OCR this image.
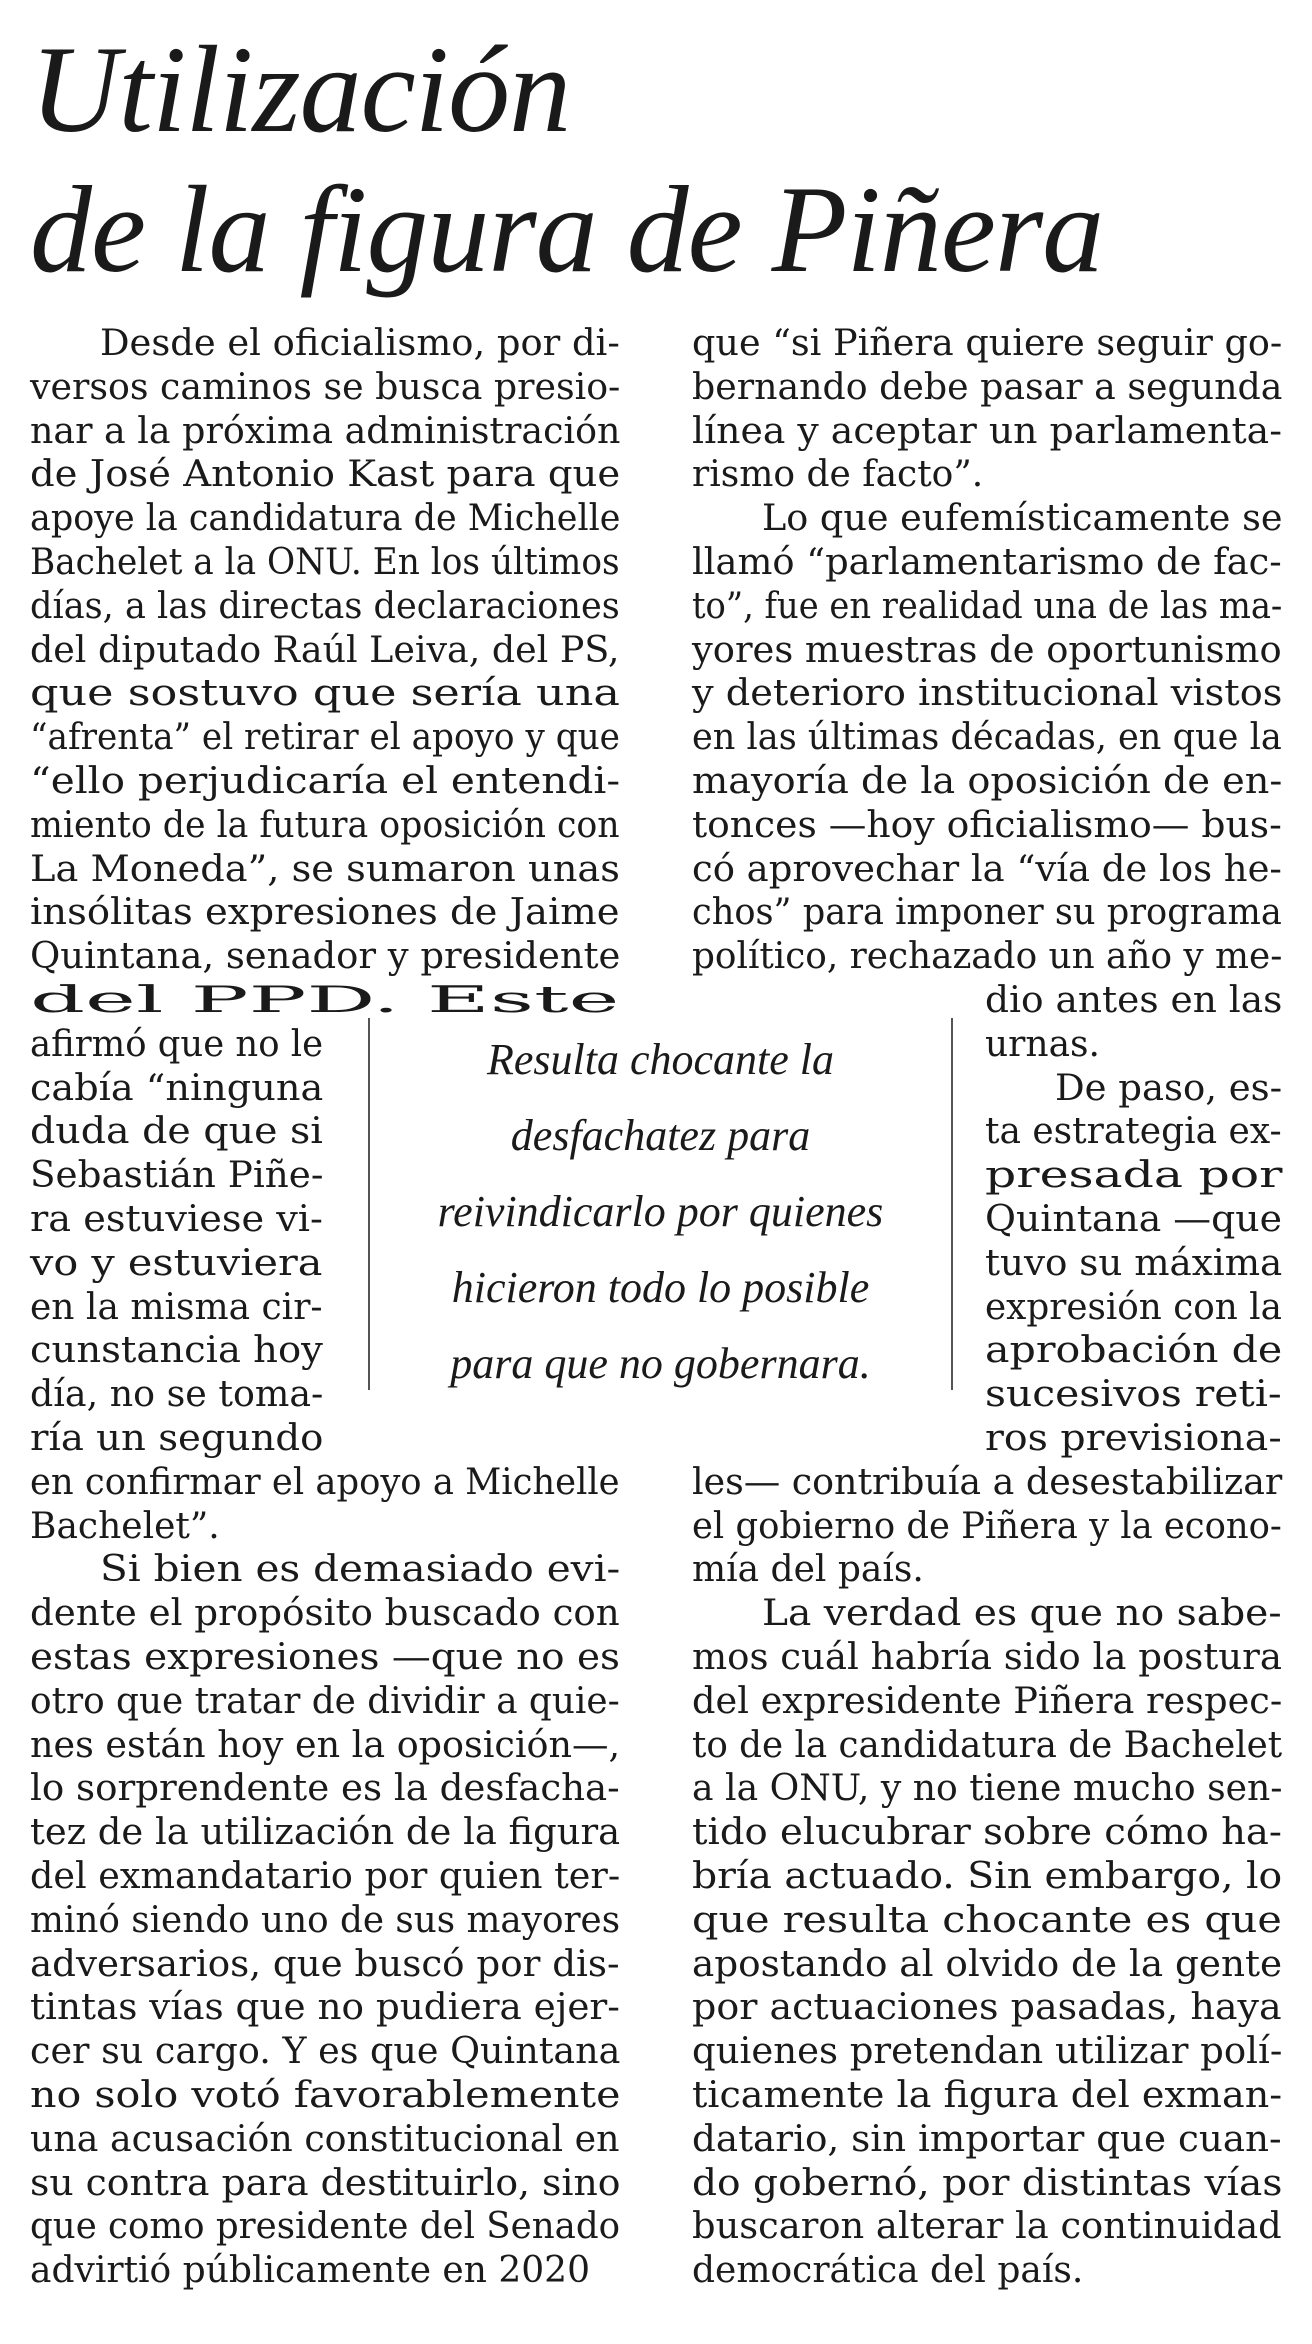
Utilización
de la figura de Piñera

Desde el oficialismo, por di-

versos caminos se busca presio-

nar a la próxima administración

de José Antonio Kast para que

apoye la candidatura de Michelle

Bachelet a la ONU. En los últimos

días, a las directas declaraciones

del diputado Raúl Leiva, del PS,

que sostuvo que sería una

“afrenta” el retirar el apoyo y que

“ello perjudicaría el entendi-

miento de la futura oposición con

La Moneda”, se sumaron unas

insólitas expresiones de Jaime

Quintana, senador y presidente

del PPD. Este

afirmó que no le

cabía “ninguna

duda de que si

Sebastián Piñe-

ra estuviese vi-

vo y estuviera

en la misma cir-

cunstancia hoy

día, no se toma-

ría un segundo

en confirmar el apoyo a Michelle

Bachelet”.

Si bien es demasiado evi-

dente el propósito buscado con

estas expresiones —que no es

otro que tratar de dividir a quie-

nes están hoy en la oposición—,

lo sorprendente es la desfacha-

tez de la utilización de la figura

del exmandatario por quien ter-

minó siendo uno de sus mayores

adversarios, que buscó por dis-

tintas vías que no pudiera ejer-

cer su cargo. Y es que Quintana

no solo votó favorablemente

una acusación constitucional en

su contra para destituirlo, sino

que como presidente del Senado

advirtió públicamente en 2020

que “si Piñera quiere seguir go-

bernando debe pasar a segunda

línea y aceptar un parlamenta-

rismo de facto”.

Lo que eufemísticamente se

llamó “parlamentarismo de fac-

to”, fue en realidad una de las ma-

yores muestras de oportunismo

y deterioro institucional vistos

en las últimas décadas, en que la

mayoría de la oposición de en-

tonces —hoy oficialismo— bus-

có aprovechar la “vía de los he-

chos” para imponer su programa

político, rechazado un año y me-

dio antes en las

urnas.

De paso, es-

ta estrategia ex-

presada por

Quintana —que

tuvo su máxima

expresión con la

aprobación de

sucesivos reti-

ros previsiona-

les— contribuía a desestabilizar

el gobierno de Piñera y la econo-

mía del país.

La verdad es que no sabe-

mos cuál habría sido la postura

del expresidente Piñera respec-

to de la candidatura de Bachelet

a la ONU, y no tiene mucho sen-

tido elucubrar sobre cómo ha-

bría actuado. Sin embargo, lo

que resulta chocante es que

apostando al olvido de la gente

por actuaciones pasadas, haya

quienes pretendan utilizar polí-

ticamente la figura del exman-

datario, sin importar que cuan-

do gobernó, por distintas vías

buscaron alterar la continuidad

democrática del país.

Resulta chocante la
desfachatez para
reivindicarlo por quienes
hicieron todo lo posible
para que no gobernara.
